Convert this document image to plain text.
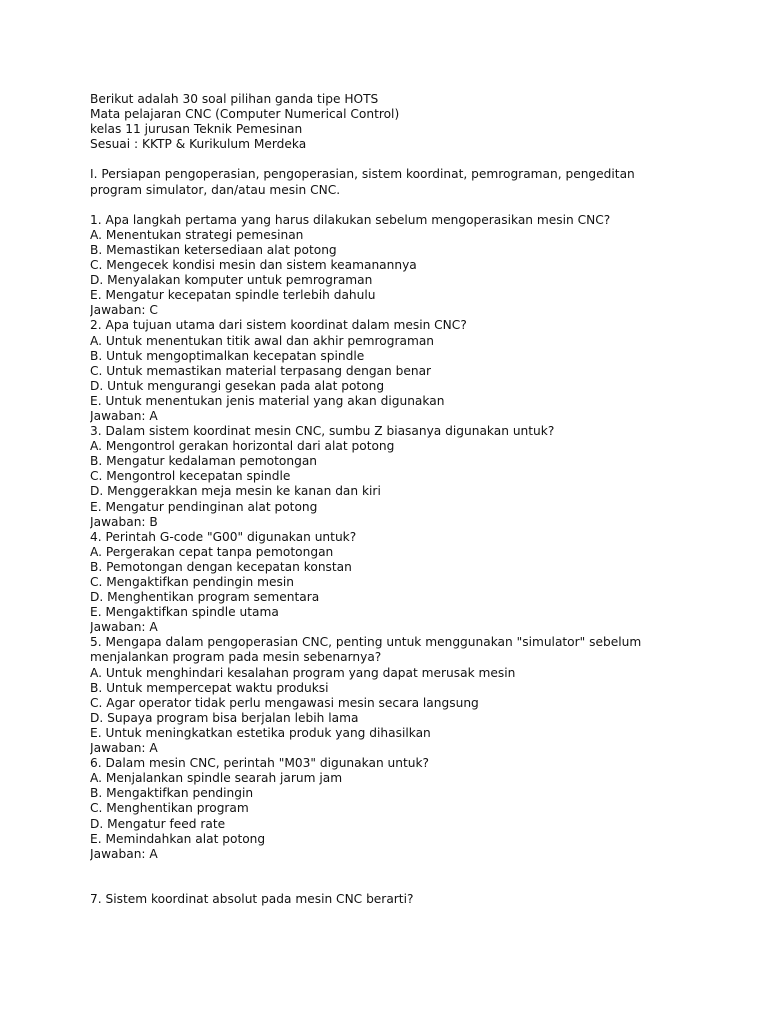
Berikut adalah 30 soal pilihan ganda tipe HOTS
Mata pelajaran CNC (Computer Numerical Control)
kelas 11 jurusan Teknik Pemesinan
Sesuai : KKTP & Kurikulum Merdeka
I. Persiapan pengoperasian, pengoperasian, sistem koordinat, pemrograman, pengeditan
program simulator, dan/atau mesin CNC.
1. Apa langkah pertama yang harus dilakukan sebelum mengoperasikan mesin CNC?
A. Menentukan strategi pemesinan
B. Memastikan ketersediaan alat potong
C. Mengecek kondisi mesin dan sistem keamanannya
D. Menyalakan komputer untuk pemrograman
E. Mengatur kecepatan spindle terlebih dahulu
Jawaban: C
2. Apa tujuan utama dari sistem koordinat dalam mesin CNC?
A. Untuk menentukan titik awal dan akhir pemrograman
B. Untuk mengoptimalkan kecepatan spindle
C. Untuk memastikan material terpasang dengan benar
D. Untuk mengurangi gesekan pada alat potong
E. Untuk menentukan jenis material yang akan digunakan
Jawaban: A
3. Dalam sistem koordinat mesin CNC, sumbu Z biasanya digunakan untuk?
A. Mengontrol gerakan horizontal dari alat potong
B. Mengatur kedalaman pemotongan
C. Mengontrol kecepatan spindle
D. Menggerakkan meja mesin ke kanan dan kiri
E. Mengatur pendinginan alat potong
Jawaban: B
4. Perintah G-code "G00" digunakan untuk?
A. Pergerakan cepat tanpa pemotongan
B. Pemotongan dengan kecepatan konstan
C. Mengaktifkan pendingin mesin
D. Menghentikan program sementara
E. Mengaktifkan spindle utama
Jawaban: A
5. Mengapa dalam pengoperasian CNC, penting untuk menggunakan "simulator" sebelum
menjalankan program pada mesin sebenarnya?
A. Untuk menghindari kesalahan program yang dapat merusak mesin
B. Untuk mempercepat waktu produksi
C. Agar operator tidak perlu mengawasi mesin secara langsung
D. Supaya program bisa berjalan lebih lama
E. Untuk meningkatkan estetika produk yang dihasilkan
Jawaban: A
6. Dalam mesin CNC, perintah "M03" digunakan untuk?
A. Menjalankan spindle searah jarum jam
B. Mengaktifkan pendingin
C. Menghentikan program
D. Mengatur feed rate
E. Memindahkan alat potong
Jawaban: A
7. Sistem koordinat absolut pada mesin CNC berarti?
